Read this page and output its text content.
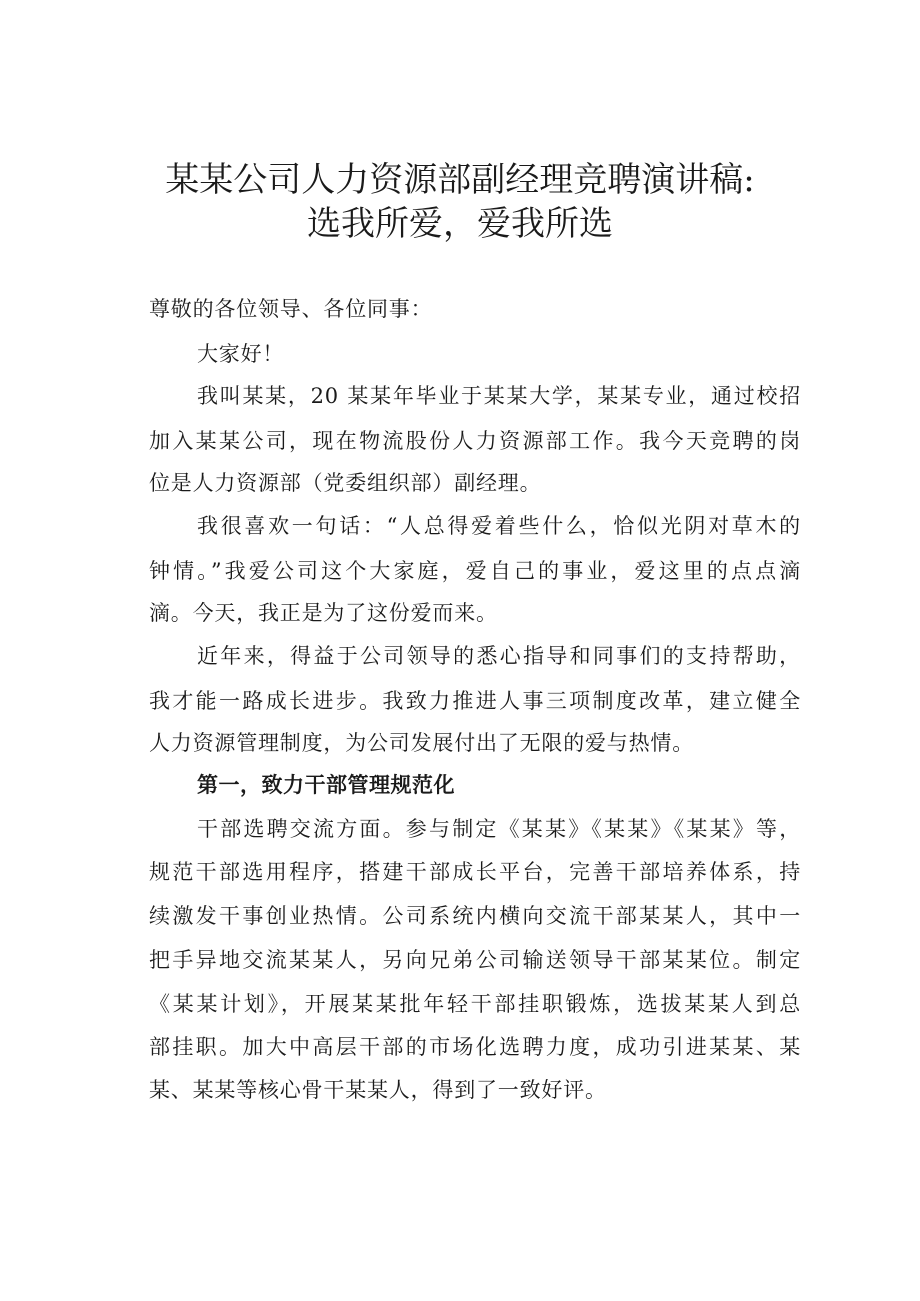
某某公司人力资源部副经理竞聘演讲稿:
选我所爱，爱我所选

尊敬的各位领导、各位同事：

大家好！

我叫某某，20 某某年毕业于某某大学，某某专业，通过校招

加入某某公司，现在物流股份人力资源部工作。我今天竞聘的岗

位是人力资源部（党委组织部）副经理。

我很喜欢一句话：“人总得爱着些什么，恰似光阴对草木的

钟情。”我爱公司这个大家庭，爱自己的事业，爱这里的点点滴

滴。今天，我正是为了这份爱而来。

近年来，得益于公司领导的悉心指导和同事们的支持帮助，

我才能一路成长进步。我致力推进人事三项制度改革，建立健全

人力资源管理制度，为公司发展付出了无限的爱与热情。

第一，致力干部管理规范化

干部选聘交流方面。参与制定《某某》《某某》《某某》等，

规范干部选用程序，搭建干部成长平台，完善干部培养体系，持

续激发干事创业热情。公司系统内横向交流干部某某人，其中一

把手异地交流某某人，另向兄弟公司输送领导干部某某位。制定

《某某计划》，开展某某批年轻干部挂职锻炼，选拔某某人到总

部挂职。加大中高层干部的市场化选聘力度，成功引进某某、某

某、某某等核心骨干某某人，得到了一致好评。
